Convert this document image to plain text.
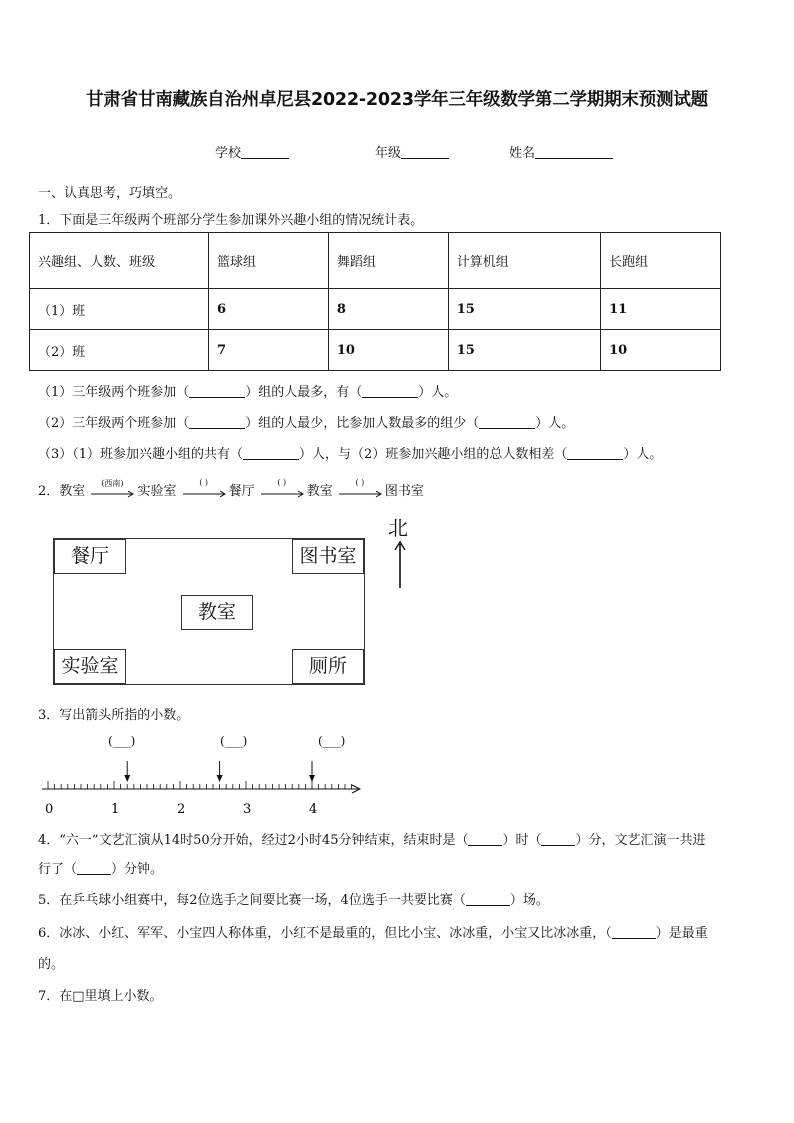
甘肃省甘南藏族自治州卓尼县2022-2023学年三年级数学第二学期期末预测试题
学校	年级	姓名
一、认真思考，巧填空。
1．下面是三年级两个班部分学生参加课外兴趣小组的情况统计表。
兴趣组、人数、班级	篮球组	舞蹈组	计算机组	长跑组
（1）班	6	8	15	11
（2）班	7	10	15	10
（1）三年级两个班参加（	）组的人最多，有（	）人。
（2）三年级两个班参加（	）组的人最少，比参加人数最多的组少（	）人。
（3）（1）班参加兴趣小组的共有（	）人，与（2）班参加兴趣小组的总人数相差（	）人。
2．教室
(西南)
实验室
( )
餐厅
( )
教室
( )
图书室
餐厅	图书室
教室
实验室	厕所
北
3．写出箭头所指的小数。
(___)	(___)	(___)
0	1	2	3	4
4．“六一”文艺汇演从14时50分开始，经过2小时45分钟结束，结束时是（	）时（	）分，文艺汇演一共进
行了（	）分钟。
5．在乒乓球小组赛中，每2位选手之间要比赛一场，4位选手一共要比赛（	）场。
6．冰冰、小红、军军、小宝四人称体重，小红不是最重的，但比小宝、冰冰重，小宝又比冰冰重，（	）是最重
的。
7．在□里填上小数。
